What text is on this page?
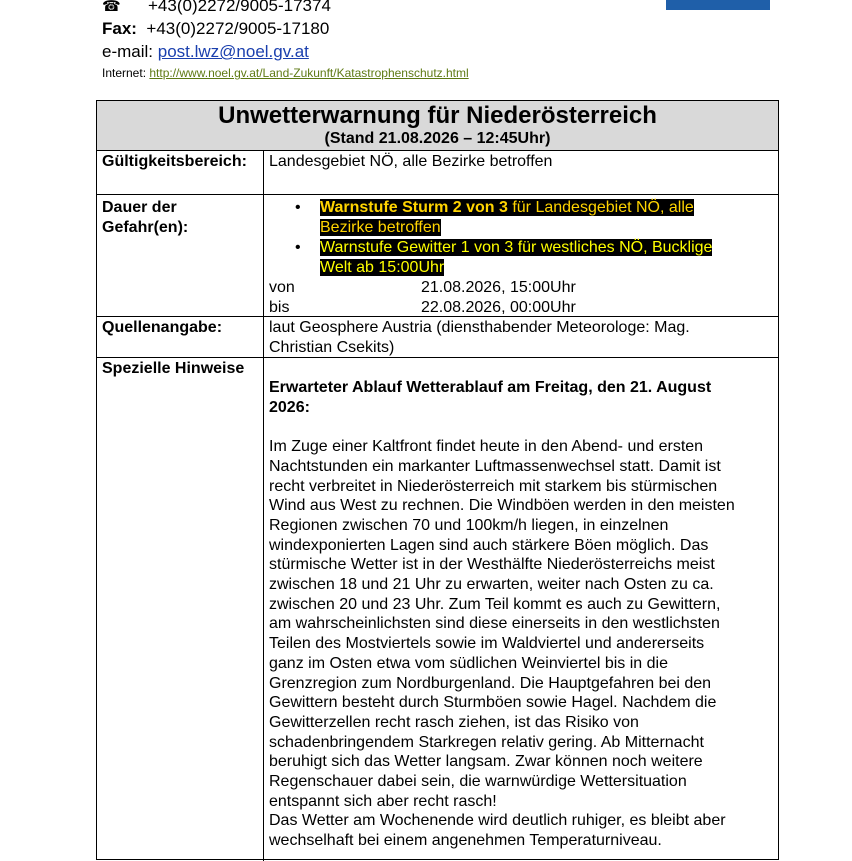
☎ +43(0)2272/9005-17374
Fax: +43(0)2272/9005-17180
e-mail: post.lwz@noel.gv.at
Internet: http://www.noel.gv.at/Land-Zukunft/Katastrophenschutz.html
Unwetterwarnung für Niederösterreich
(Stand 21.08.2026 – 12:45Uhr)
Gültigkeitsbereich: Landesgebiet NÖ, alle Bezirke betroffen
Dauer der
Gefahr(en):
• Warnstufe Sturm 2 von 3 für Landesgebiet NÖ, alle
Bezirke betroffen
• Warnstufe Gewitter 1 von 3 für westliches NÖ, Bucklige
Welt ab 15:00Uhr
von	21.08.2026, 15:00Uhr
bis	22.08.2026, 00:00Uhr
Quellenangabe:	laut Geosphere Austria (diensthabender Meteorologe: Mag.
Christian Csekits)
Spezielle Hinweise

Erwarteter Ablauf Wetterablauf am Freitag, den 21. August

2026:

Im Zuge einer Kaltfront findet heute in den Abend- und ersten

Nachtstunden ein markanter Luftmassenwechsel statt. Damit ist

recht verbreitet in Niederösterreich mit starkem bis stürmischen

Wind aus West zu rechnen. Die Windböen werden in den meisten

Regionen zwischen 70 und 100km/h liegen, in einzelnen

windexponierten Lagen sind auch stärkere Böen möglich. Das

stürmische Wetter ist in der Westhälfte Niederösterreichs meist

zwischen 18 und 21 Uhr zu erwarten, weiter nach Osten zu ca.

zwischen 20 und 23 Uhr. Zum Teil kommt es auch zu Gewittern,

am wahrscheinlichsten sind diese einerseits in den westlichsten

Teilen des Mostviertels sowie im Waldviertel und andererseits

ganz im Osten etwa vom südlichen Weinviertel bis in die

Grenzregion zum Nordburgenland. Die Hauptgefahren bei den

Gewittern besteht durch Sturmböen sowie Hagel. Nachdem die

Gewitterzellen recht rasch ziehen, ist das Risiko von

schadenbringendem Starkregen relativ gering. Ab Mitternacht

beruhigt sich das Wetter langsam. Zwar können noch weitere

Regenschauer dabei sein, die warnwürdige Wettersituation

entspannt sich aber recht rasch!

Das Wetter am Wochenende wird deutlich ruhiger, es bleibt aber

wechselhaft bei einem angenehmen Temperaturniveau.
